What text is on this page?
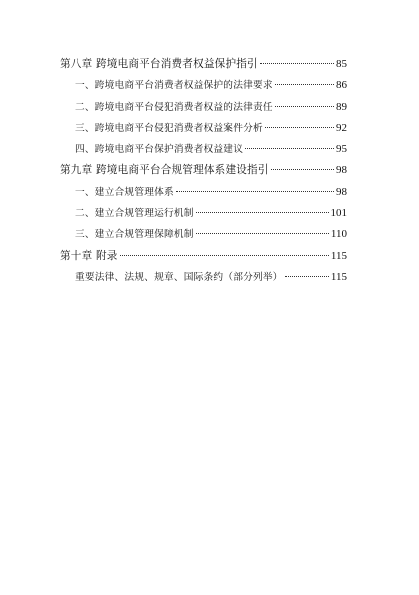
第八章 跨境电商平台消费者权益保护指引	85
一、跨境电商平台消费者权益保护的法律要求	86
二、跨境电商平台侵犯消费者权益的法律责任	89
三、跨境电商平台侵犯消费者权益案件分析	92
四、跨境电商平台保护消费者权益建议	95
第九章 跨境电商平台合规管理体系建设指引	98
一、建立合规管理体系	98
二、建立合规管理运行机制	101
三、建立合规管理保障机制	110
第十章 附录	115
重要法律、法规、规章、国际条约（部分列举）	115
